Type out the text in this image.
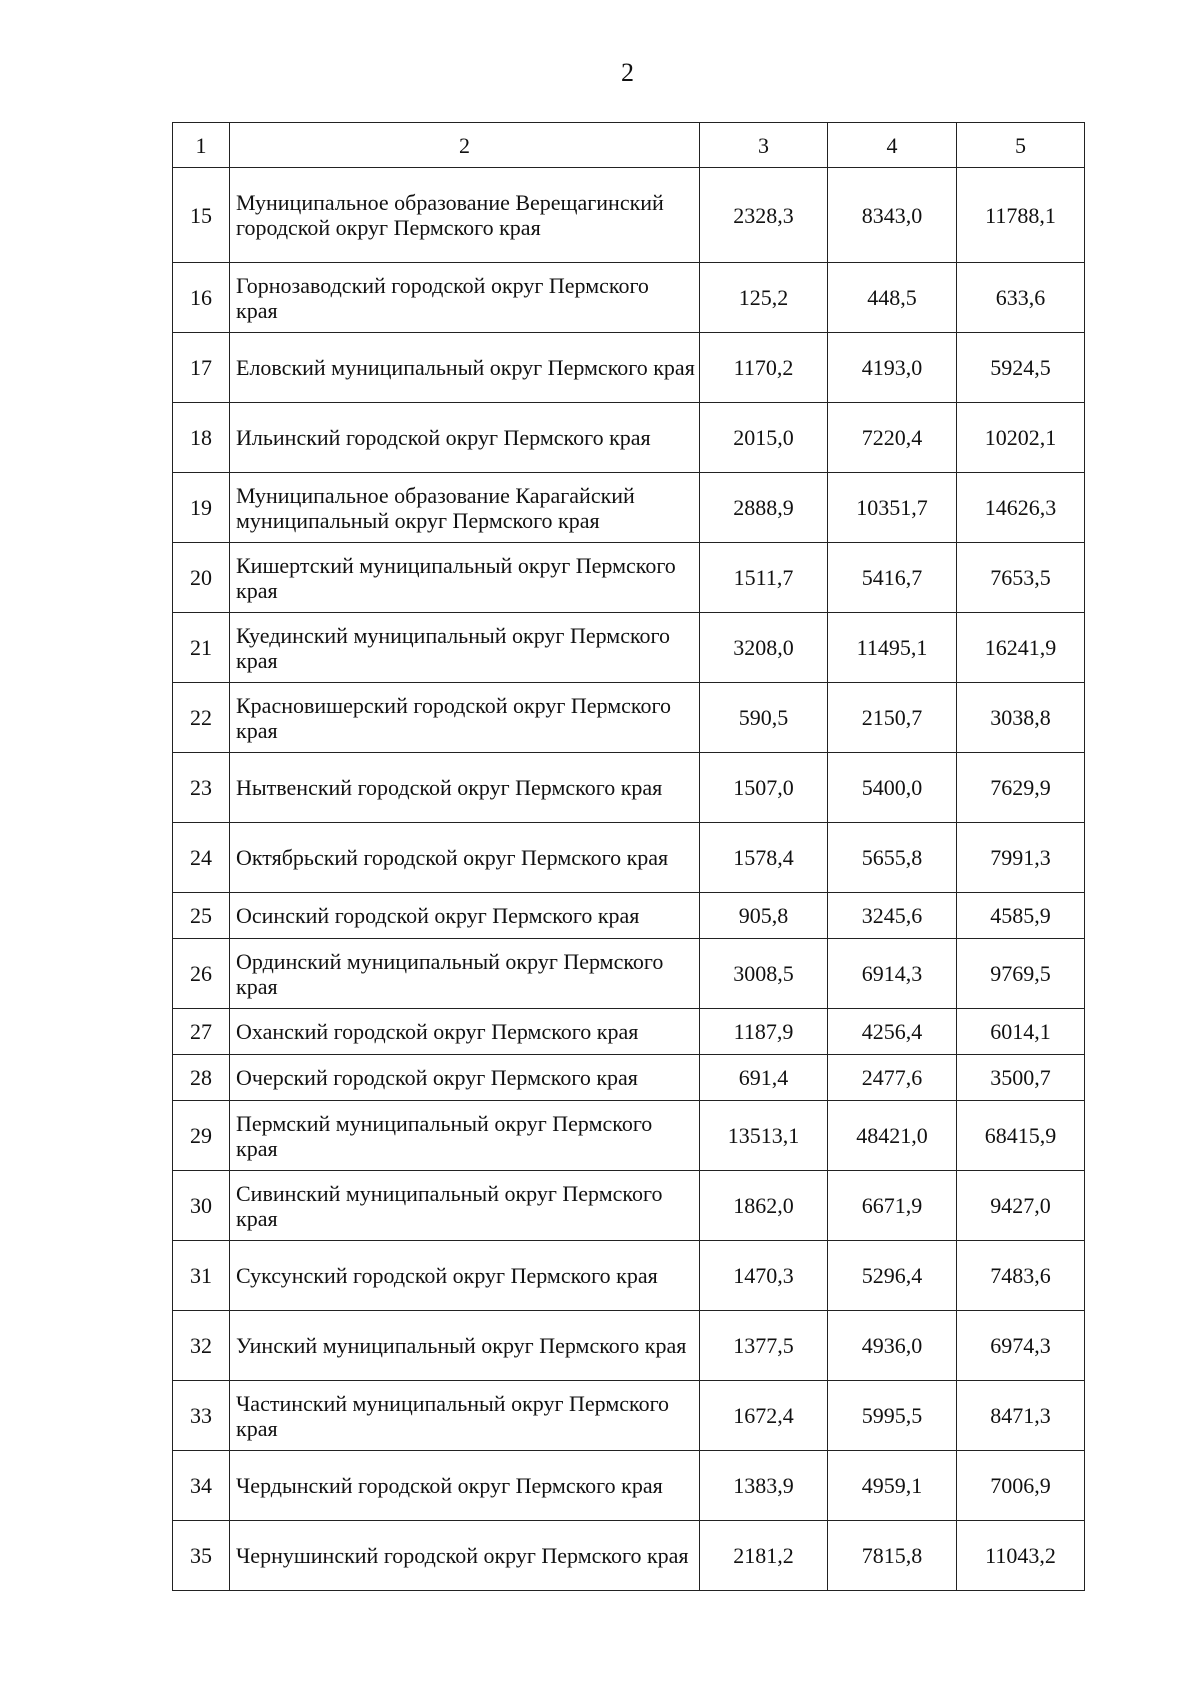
2
1	2	3	4	5
15	Муниципальное образование Верещагинский городской округ Пермского края	2328,3	8343,0	11788,1
16	Горнозаводский городской округ Пермского края	125,2	448,5	633,6
17	Еловский муниципальный округ Пермского края	1170,2	4193,0	5924,5
18	Ильинский городской округ Пермского края	2015,0	7220,4	10202,1
19	Муниципальное образование Карагайский муниципальный округ Пермского края	2888,9	10351,7	14626,3
20	Кишертский муниципальный округ Пермского края	1511,7	5416,7	7653,5
21	Куединский муниципальный округ Пермского края	3208,0	11495,1	16241,9
22	Красновишерский городской округ Пермского края	590,5	2150,7	3038,8
23	Нытвенский городской округ Пермского края	1507,0	5400,0	7629,9
24	Октябрьский городской округ Пермского края	1578,4	5655,8	7991,3
25	Осинский городской округ Пермского края	905,8	3245,6	4585,9
26	Ординский муниципальный округ Пермского края	3008,5	6914,3	9769,5
27	Оханский городской округ Пермского края	1187,9	4256,4	6014,1
28	Очерский городской округ Пермского края	691,4	2477,6	3500,7
29	Пермский муниципальный округ Пермского края	13513,1	48421,0	68415,9
30	Сивинский муниципальный округ Пермского края	1862,0	6671,9	9427,0
31	Суксунский городской округ Пермского края	1470,3	5296,4	7483,6
32	Уинский муниципальный округ Пермского края	1377,5	4936,0	6974,3
33	Частинский муниципальный округ Пермского края	1672,4	5995,5	8471,3
34	Чердынский городской округ Пермского края	1383,9	4959,1	7006,9
35	Чернушинский городской округ Пермского края	2181,2	7815,8	11043,2
